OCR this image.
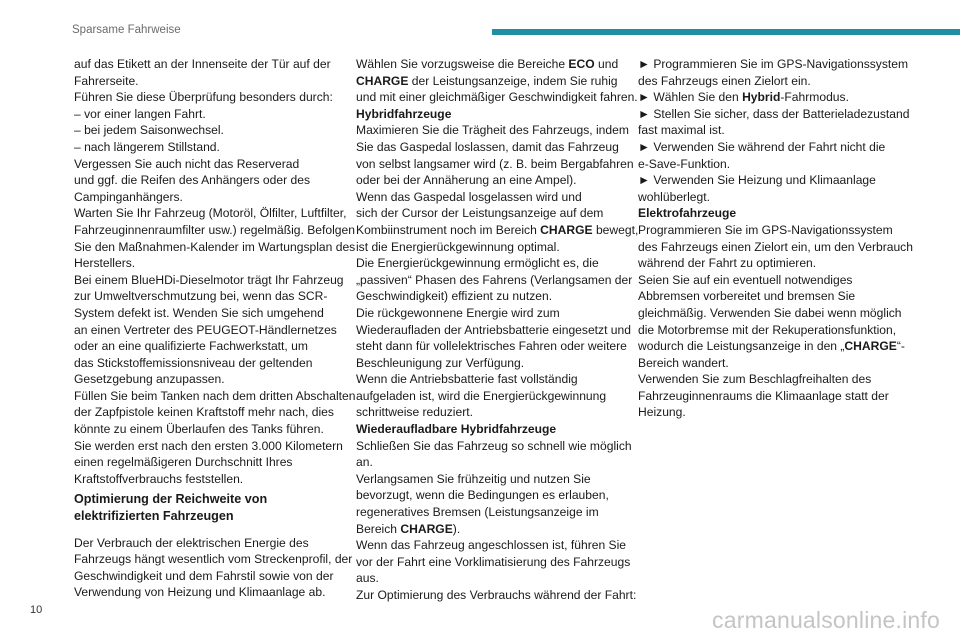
Sparsame Fahrweise
auf das Etikett an der Innenseite der Tür auf der
Fahrerseite.
Führen Sie diese Überprüfung besonders durch:
– vor einer langen Fahrt.
– bei jedem Saisonwechsel.
– nach längerem Stillstand.
Vergessen Sie auch nicht das Reserverad
und ggf. die Reifen des Anhängers oder des
Campinganhängers.
Warten Sie Ihr Fahrzeug (Motoröl, Ölfilter, Luftfilter,
Fahrzeuginnenraumfilter usw.) regelmäßig. Befolgen
Sie den Maßnahmen-Kalender im Wartungsplan des
Herstellers.
Bei einem BlueHDi-Dieselmotor trägt Ihr Fahrzeug
zur Umweltverschmutzung bei, wenn das SCR-
System defekt ist. Wenden Sie sich umgehend
an einen Vertreter des PEUGEOT-Händlernetzes
oder an eine qualifizierte Fachwerkstatt, um
das Stickstoffemissionsniveau der geltenden
Gesetzgebung anzupassen.
Füllen Sie beim Tanken nach dem dritten Abschalten
der Zapfpistole keinen Kraftstoff mehr nach, dies
könnte zu einem Überlaufen des Tanks führen.
Sie werden erst nach den ersten 3.000 Kilometern
einen regelmäßigeren Durchschnitt Ihres
Kraftstoffverbrauchs feststellen.
Optimierung der Reichweite von
elektrifizierten Fahrzeugen
Der Verbrauch der elektrischen Energie des
Fahrzeugs hängt wesentlich vom Streckenprofil, der
Geschwindigkeit und dem Fahrstil sowie von der
Verwendung von Heizung und Klimaanlage ab.
Wählen Sie vorzugsweise die Bereiche ECO und
CHARGE der Leistungsanzeige, indem Sie ruhig
und mit einer gleichmäßiger Geschwindigkeit fahren.
Hybridfahrzeuge
Maximieren Sie die Trägheit des Fahrzeugs, indem
Sie das Gaspedal loslassen, damit das Fahrzeug
von selbst langsamer wird (z. B. beim Bergabfahren
oder bei der Annäherung an eine Ampel).
Wenn das Gaspedal losgelassen wird und
sich der Cursor der Leistungsanzeige auf dem
Kombiinstrument noch im Bereich CHARGE bewegt,
ist die Energierückgewinnung optimal.
Die Energierückgewinnung ermöglicht es, die
„passiven“ Phasen des Fahrens (Verlangsamen der
Geschwindigkeit) effizient zu nutzen.
Die rückgewonnene Energie wird zum
Wiederaufladen der Antriebsbatterie eingesetzt und
steht dann für vollelektrisches Fahren oder weitere
Beschleunigung zur Verfügung.
Wenn die Antriebsbatterie fast vollständig
aufgeladen ist, wird die Energierückgewinnung
schrittweise reduziert.
Wiederaufladbare Hybridfahrzeuge
Schließen Sie das Fahrzeug so schnell wie möglich
an.
Verlangsamen Sie frühzeitig und nutzen Sie
bevorzugt, wenn die Bedingungen es erlauben,
regeneratives Bremsen (Leistungsanzeige im
Bereich CHARGE).
Wenn das Fahrzeug angeschlossen ist, führen Sie
vor der Fahrt eine Vorklimatisierung des Fahrzeugs
aus.
Zur Optimierung des Verbrauchs während der Fahrt:
► Programmieren Sie im GPS-Navigationssystem
des Fahrzeugs einen Zielort ein.
► Wählen Sie den Hybrid-Fahrmodus.
► Stellen Sie sicher, dass der Batterieladezustand
fast maximal ist.
► Verwenden Sie während der Fahrt nicht die
e-Save-Funktion.
► Verwenden Sie Heizung und Klimaanlage
wohlüberlegt.
Elektrofahrzeuge
Programmieren Sie im GPS-Navigationssystem
des Fahrzeugs einen Zielort ein, um den Verbrauch
während der Fahrt zu optimieren.
Seien Sie auf ein eventuell notwendiges
Abbremsen vorbereitet und bremsen Sie
gleichmäßig. Verwenden Sie dabei wenn möglich
die Motorbremse mit der Rekuperationsfunktion,
wodurch die Leistungsanzeige in den „CHARGE“-
Bereich wandert.
Verwenden Sie zum Beschlagfreihalten des
Fahrzeuginnenraums die Klimaanlage statt der
Heizung.
10	carmanualsonline.info
